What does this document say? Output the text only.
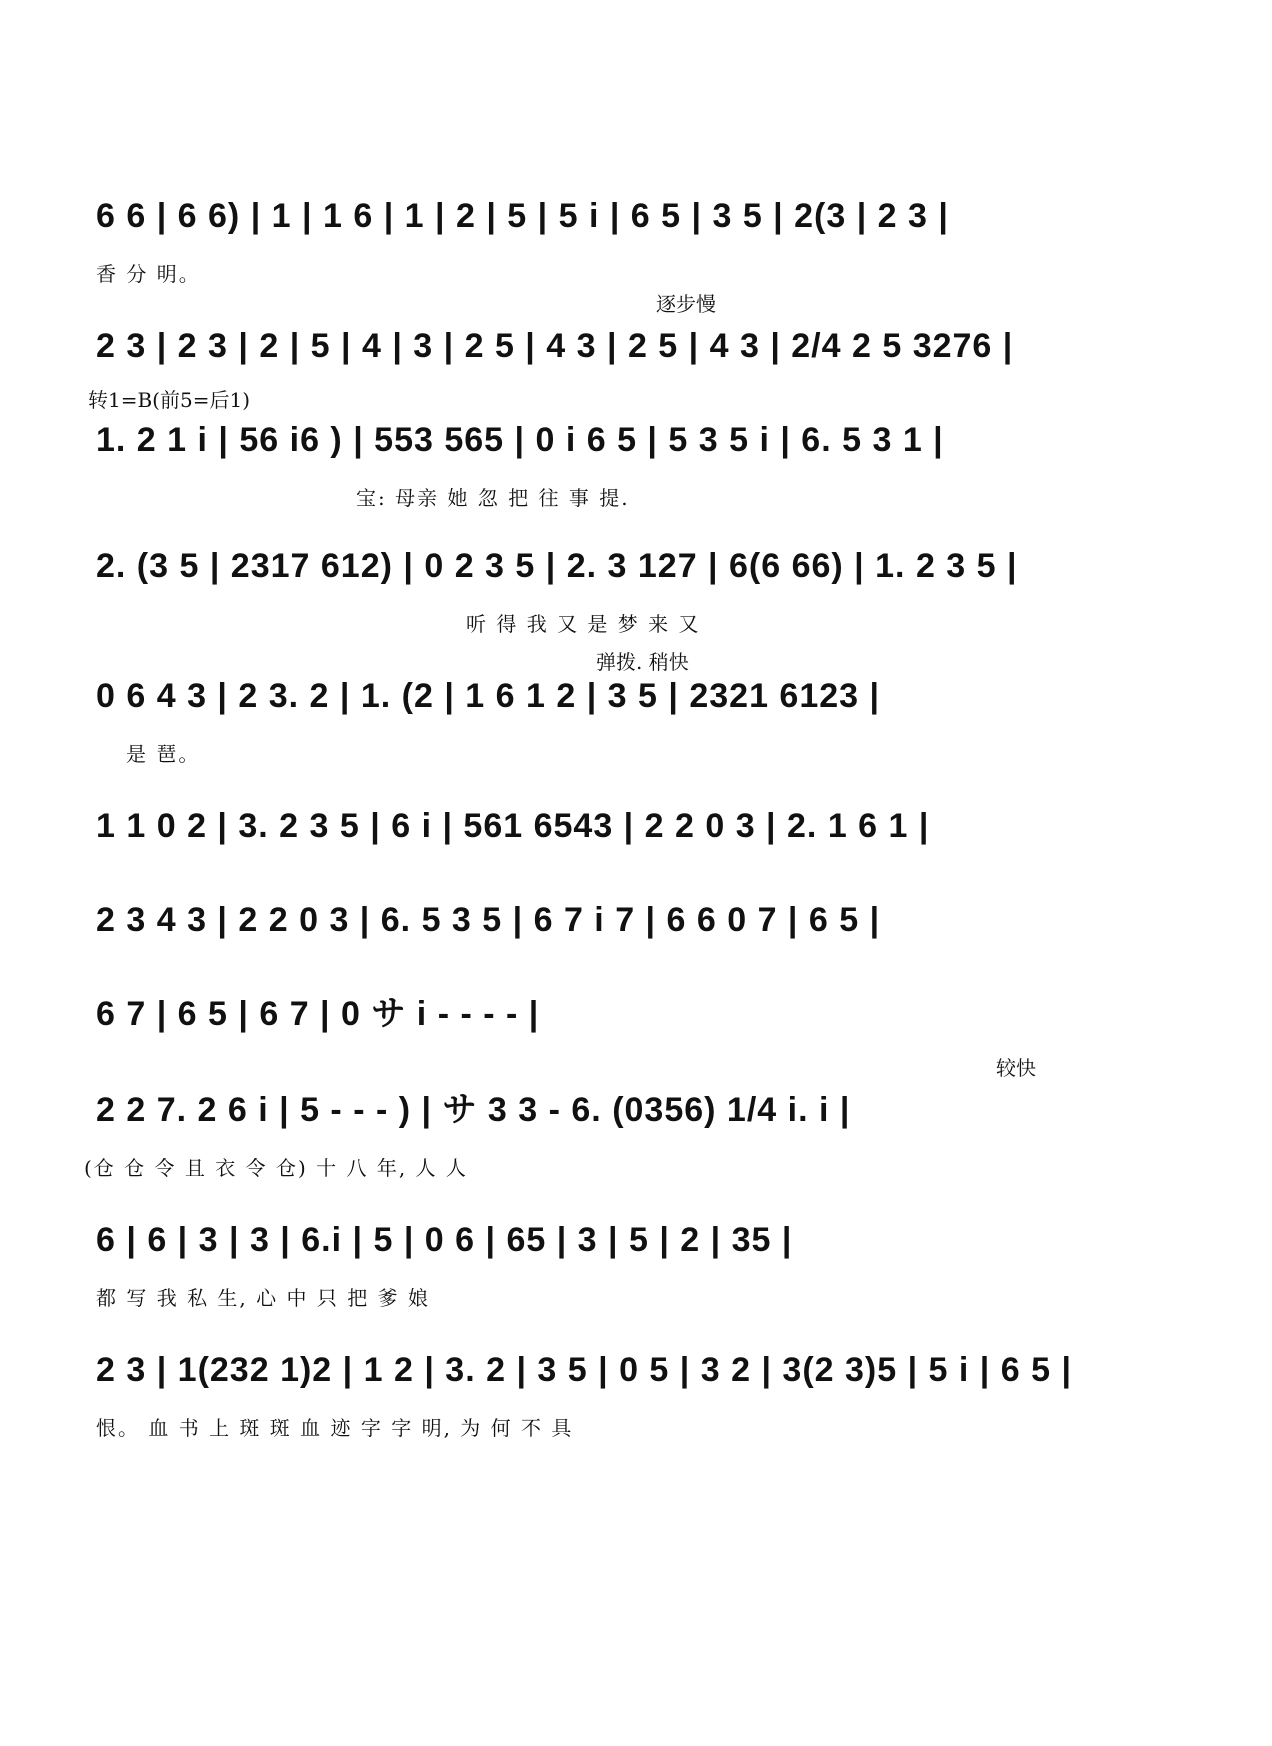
6 6 | 6 6) | 1 | 1 6 | 1 | 2 | 5 | 5 i | 6 5 | 3 5 | 2(3 | 2 3 |
香 分 明。
逐步慢
2 3 | 2 3 | 2 | 5 | 4 | 3 | 2 5 | 4 3 | 2 5 | 4 3 | 2/4 2 5 3276 |
转1=B(前5=后1)
1. 2 1 i | 56 i6 ) | 553 565 | 0 i 6 5 | 5 3 5 i | 6. 5 3 1 |
宝: 母亲 她 忽 把 往 事 提.
2. (3 5 | 2317 612) | 0 2 3 5 | 2. 3 127 | 6(6 66) | 1. 2 3 5 |
听 得 我 又 是 梦 来 又
弹拨. 稍快
0 6 4 3 | 2 3. 2 | 1. (2 | 1 6 1 2 | 3 5 | 2321 6123 |
是 琶。
1 1 0 2 | 3. 2 3 5 | 6 i | 561 6543 | 2 2 0 3 | 2. 1 6 1 |
2 3 4 3 | 2 2 0 3 | 6. 5 3 5 | 6 7 i 7 | 6 6 0 7 | 6 5 |
6 7 | 6 5 | 6 7 | 0 サ i - - - - |
较快
2 2 7. 2 6 i | 5 - - - ) | サ 3 3 - 6. (0356) 1/4 i. i |
(仓 仓 令 且 衣 令 仓) 十 八 年, 人 人
6 | 6 | 3 | 3 | 6.i | 5 | 0 6 | 65 | 3 | 5 | 2 | 35 |
都 写 我 私 生, 心 中 只 把 爹 娘
2 3 | 1(232 1)2 | 1 2 | 3. 2 | 3 5 | 0 5 | 3 2 | 3(2 3)5 | 5 i | 6 5 |
恨。 血 书 上 斑 斑 血 迹 字 字 明, 为 何 不 具
